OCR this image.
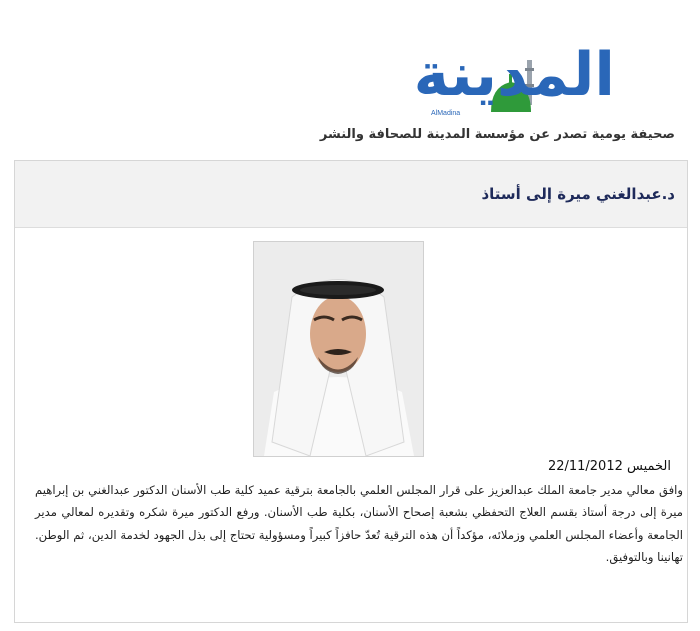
المدينة
AlMadina
صحيفة يومية تصدر عن مؤسسة المدينة للصحافة والنشر
د.عبدالغني ميرة إلى أستاذ
الخميس 22/11/2012
وافق معالي مدير جامعة الملك عبدالعزيز على قرار المجلس العلمي بالجامعة بترقية عميد كلية طب الأسنان الدكتور عبدالغني بن إبراهيم ميرة إلى درجة أستاذ بقسم العلاج التحفظي بشعبة إصحاح الأسنان، بكلية طب الأسنان. ورفع الدكتور ميرة شكره وتقديره لمعالي مدير الجامعة وأعضاء المجلس العلمي وزملائه، مؤكداً أن هذه الترقية تُعدّ حافزاً كبيراً ومسؤولية تحتاج إلى بذل الجهود لخدمة الدين، ثم الوطن. تهانينا وبالتوفيق.
